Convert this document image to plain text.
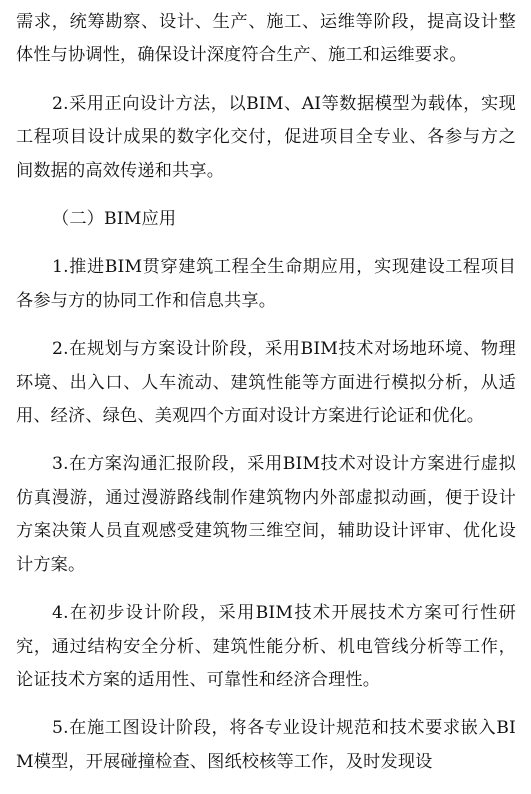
需求，统筹勘察、设计、生产、施工、运维等阶段，提高设计整体性与协调性，确保设计深度符合生产、施工和运维要求。

2.采用正向设计方法，以BIM、AI等数据模型为载体，实现工程项目设计成果的数字化交付，促进项目全专业、各参与方之间数据的高效传递和共享。

（二）BIM应用

1.推进BIM贯穿建筑工程全生命期应用，实现建设工程项目各参与方的协同工作和信息共享。

2.在规划与方案设计阶段，采用BIM技术对场地环境、物理环境、出入口、人车流动、建筑性能等方面进行模拟分析，从适用、经济、绿色、美观四个方面对设计方案进行论证和优化。

3.在方案沟通汇报阶段，采用BIM技术对设计方案进行虚拟仿真漫游，通过漫游路线制作建筑物内外部虚拟动画，便于设计方案决策人员直观感受建筑物三维空间，辅助设计评审、优化设计方案。

4.在初步设计阶段，采用BIM技术开展技术方案可行性研究，通过结构安全分析、建筑性能分析、机电管线分析等工作，论证技术方案的适用性、可靠性和经济合理性。

5.在施工图设计阶段，将各专业设计规范和技术要求嵌入BIM模型，开展碰撞检查、图纸校核等工作，及时发现设
